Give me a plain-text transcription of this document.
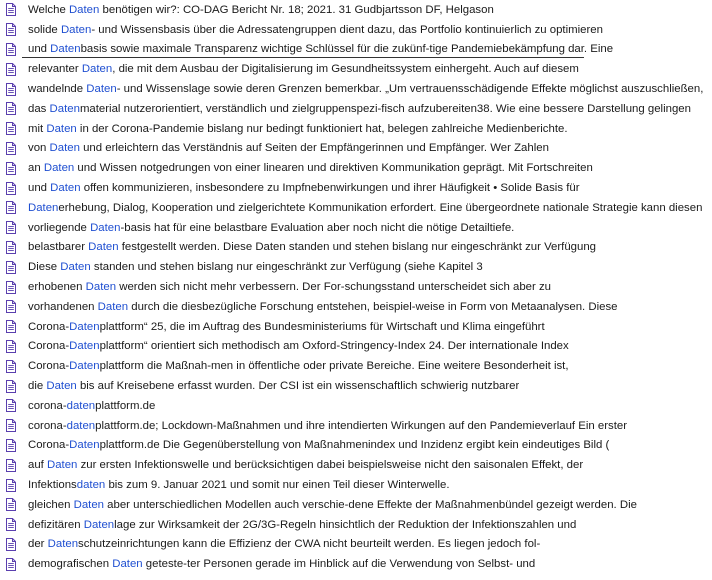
Welche Daten benötigen wir?: CO-DAG Bericht Nr. 18; 2021. 31 Gudbjartsson DF, Helgason
solide Daten- und Wissensbasis über die Adressatengruppen dient dazu, das Portfolio kontinuierlich zu optimieren
und Datenbasis sowie maximale Transparenz wichtige Schlüssel für die zukünf-tige Pandemiebekämpfung dar. Eine
relevanter Daten, die mit dem Ausbau der Digitalisierung im Gesundheitssystem einhergeht. Auch auf diesem
wandelnde Daten- und Wissenslage sowie deren Grenzen bemerkbar. „Um vertrauensschädigende Effekte möglichst auszuschließen,
das Datenmaterial nutzerorientiert, verständlich und zielgruppenspezi-fisch aufzubereiten38. Wie eine bessere Darstellung gelingen
mit Daten in der Corona-Pandemie bislang nur bedingt funktioniert hat, belegen zahlreiche Medienberichte.
von Daten und erleichtern das Verständnis auf Seiten der Empfängerinnen und Empfänger. Wer Zahlen
an Daten und Wissen notgedrungen von einer linearen und direktiven Kommunikation geprägt. Mit Fortschreiten
und Daten offen kommunizieren, insbesondere zu Impfnebenwirkungen und ihrer Häufigkeit • Solide Basis für
Datenerhebung, Dialog, Kooperation und zielgerichtete Kommunikation erfordert. Eine übergeordnete nationale Strategie kann diesen
vorliegende Daten-basis hat für eine belastbare Evaluation aber noch nicht die nötige Detailtiefe.
belastbarer Daten festgestellt werden. Diese Daten standen und stehen bislang nur eingeschränkt zur Verfügung
Diese Daten standen und stehen bislang nur eingeschränkt zur Verfügung (siehe Kapitel 3
erhobenen Daten werden sich nicht mehr verbessern. Der For-schungsstand unterscheidet sich aber zu
vorhandenen Daten durch die diesbezügliche Forschung entstehen, beispiel-weise in Form von Metaanalysen. Diese
Corona-Datenplattform“ 25, die im Auftrag des Bundesministeriums für Wirtschaft und Klima eingeführt
Corona-Datenplattform“ orientiert sich methodisch am Oxford-Stringency-Index 24. Der internationale Index
Corona-Datenplattform die Maßnah-men in öffentliche oder private Bereiche. Eine weitere Besonderheit ist,
die Daten bis auf Kreisebene erfasst wurden. Der CSI ist ein wissenschaftlich schwierig nutzbarer
corona-datenplattform.de
corona-datenplattform.de; Lockdown-Maßnahmen und ihre intendierten Wirkungen auf den Pandemieverlauf Ein erster
Corona-Datenplattform.de Die Gegenüberstellung von Maßnahmenindex und Inzidenz ergibt kein eindeutiges Bild (
auf Daten zur ersten Infektionswelle und berücksichtigen dabei beispielsweise nicht den saisonalen Effekt, der
Infektionsdaten bis zum 9. Januar 2021 und somit nur einen Teil dieser Winterwelle.
gleichen Daten aber unterschiedlichen Modellen auch verschie-dene Effekte der Maßnahmenbündel gezeigt werden. Die
defizitären Datenlage zur Wirksamkeit der 2G/3G-Regeln hinsichtlich der Reduktion der Infektionszahlen und
der Datenschutzeinrichtungen kann die Effizienz der CWA nicht beurteilt werden. Es liegen jedoch fol-
demografischen Daten geteste-ter Personen gerade im Hinblick auf die Verwendung von Selbst- und
